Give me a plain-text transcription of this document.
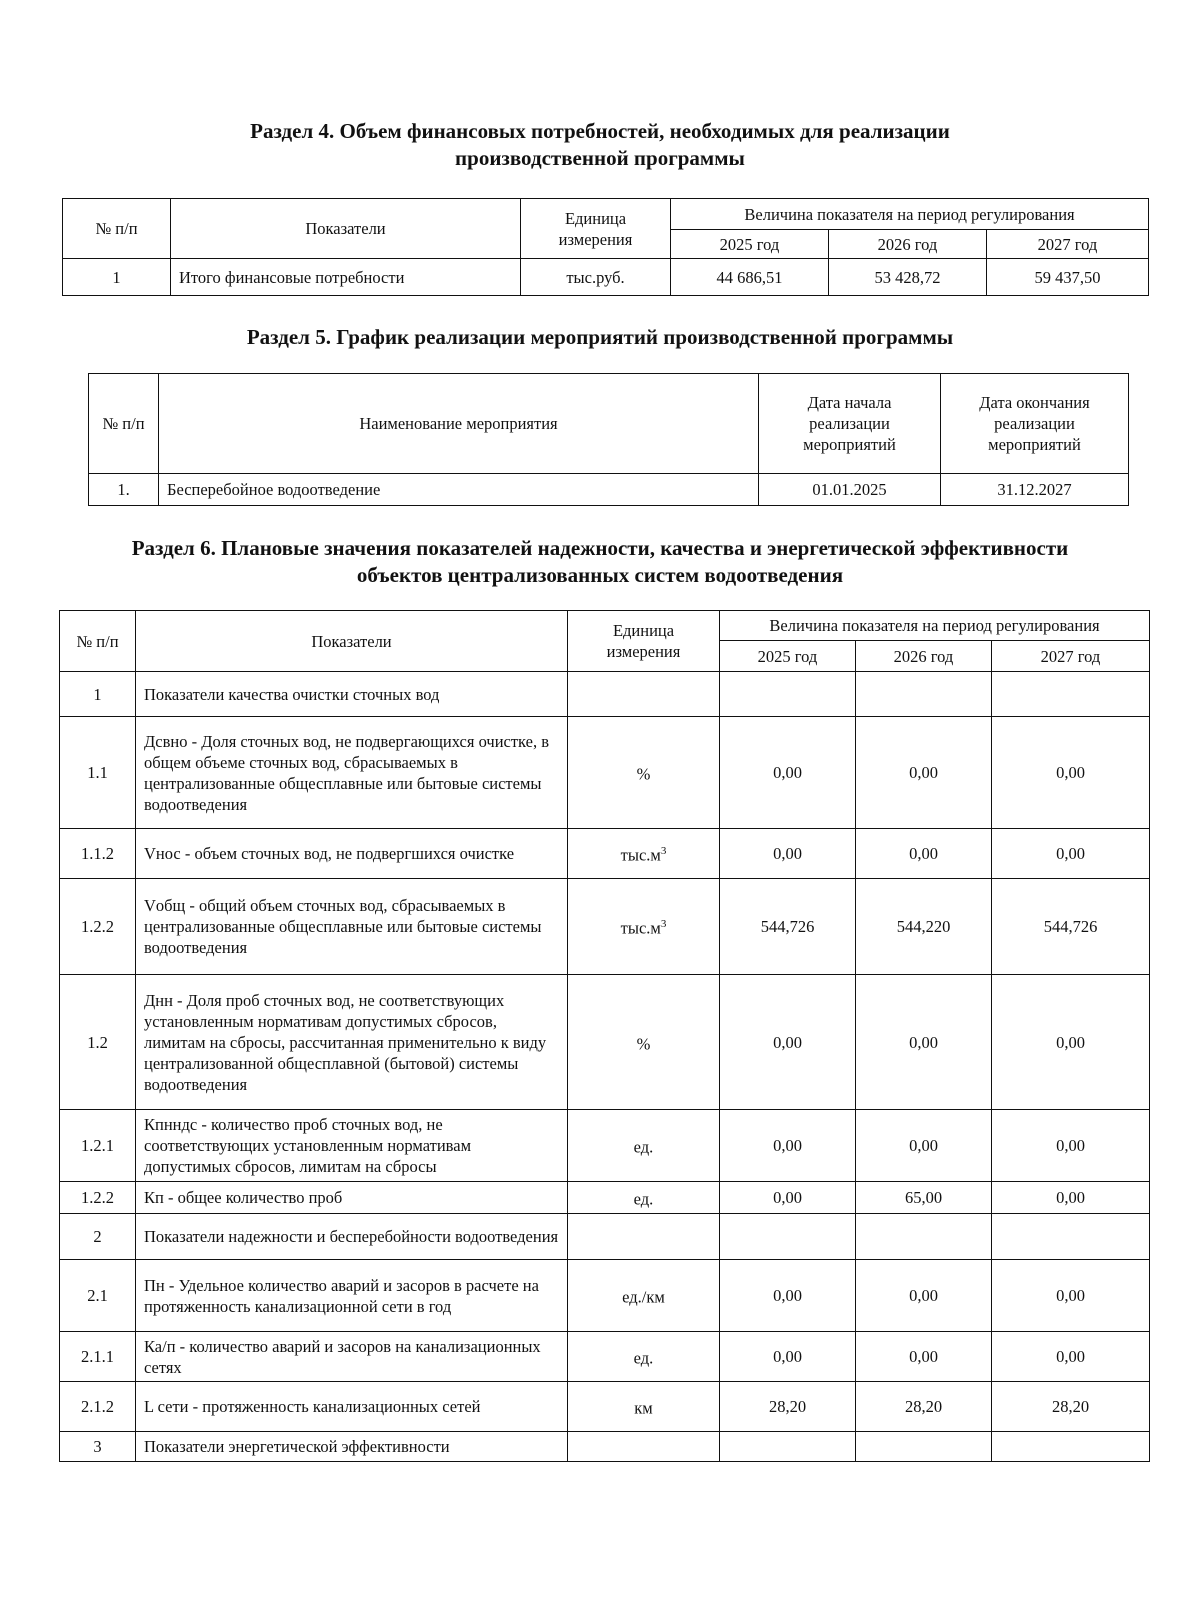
Раздел 4. Объем финансовых потребностей, необходимых для реализации
производственной программы
№ п/п	Показатели	Единица измерения	Величина показателя на период регулирования		
			2025 год	2026 год	2027 год
1	Итого финансовые потребности	тыс.руб.	44 686,51	53 428,72	59 437,50
Раздел 5. График реализации мероприятий производственной программы
№ п/п	Наименование мероприятия	Дата начала реализации мероприятий	Дата окончания реализации мероприятий
1.	Бесперебойное водоотведение	01.01.2025	31.12.2027
Раздел 6. Плановые значения показателей надежности, качества и энергетической эффективности
объектов централизованных систем водоотведения
№ п/п	Показатели	Единица измерения	Величина показателя на период регулирования		
			2025 год	2026 год	2027 год
1	Показатели качества очистки сточных вод				
1.1	Дсвно - Доля сточных вод, не подвергающихся очистке, в общем объеме сточных вод, сбрасываемых в централизованные общесплавные или бытовые системы водоотведения	%	0,00	0,00	0,00
1.1.2	Vнос - объем сточных вод, не подвергшихся очистке	$тыс.м^3$	0,00	0,00	0,00
1.2.2	Vобщ - общий объем сточных вод, сбрасываемых в централизованные общесплавные или бытовые системы водоотведения	$тыс.м^3$	544,726	544,220	544,726
1.2	Днн - Доля проб сточных вод, не соответствующих установленным нормативам допустимых сбросов, лимитам на сбросы, рассчитанная применительно к виду централизованной общесплавной (бытовой) системы водоотведения	%	0,00	0,00	0,00
1.2.1	Кпнндс - количество проб сточных вод, не соответствующих установленным нормативам допустимых сбросов, лимитам на сбросы	ед.	0,00	0,00	0,00
1.2.2	Кп - общее количество проб	ед.	0,00	65,00	0,00
2	Показатели надежности и бесперебойности водоотведения				
2.1	Пн - Удельное количество аварий и засоров в расчете на протяженность канализационной сети в год	ед./км	0,00	0,00	0,00
2.1.1	Ка/п - количество аварий и засоров на канализационных сетях	ед.	0,00	0,00	0,00
2.1.2	L сети - протяженность канализационных сетей	км	28,20	28,20	28,20
3	Показатели энергетической эффективности				
